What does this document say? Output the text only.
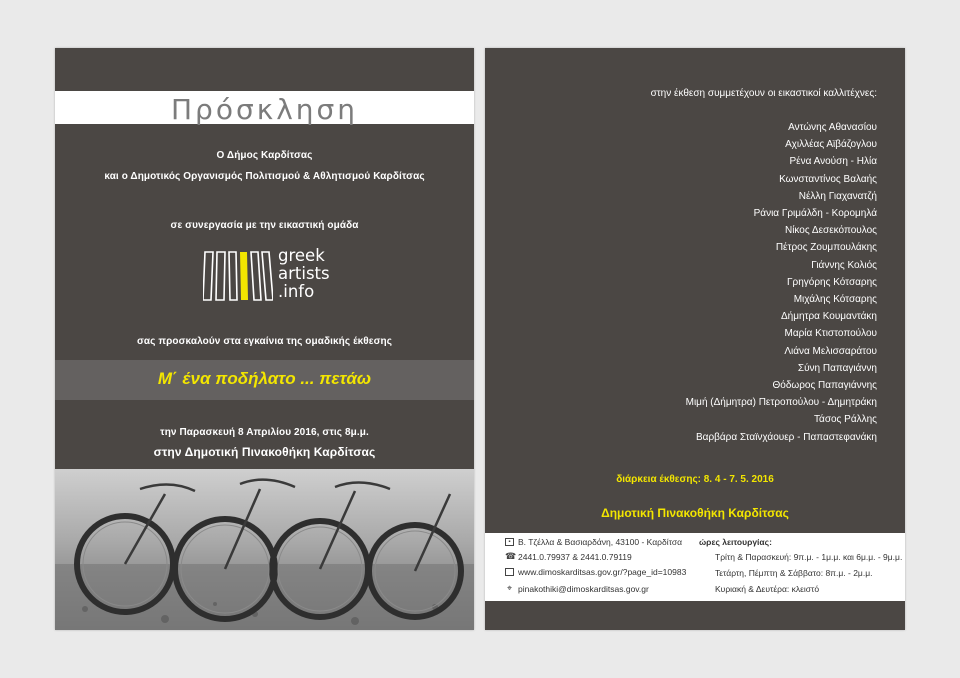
Πρόσκληση
Ο Δήμος Καρδίτσας
και ο Δημοτικός Οργανισμός Πολιτισμού & Αθλητισμού Καρδίτσας
σε συνεργασία με την εικαστική ομάδα
greek
artists
.info
σας προσκαλούν στα εγκαίνια της ομαδικής έκθεσης
Μ΄ ένα ποδήλατο ... πετάω
την Παρασκευή 8 Απριλίου 2016, στις 8μ.μ.
στην Δημοτική Πινακοθήκη Καρδίτσας
στην έκθεση συμμετέχουν οι εικαστικοί καλλιτέχνες:
Αντώνης Αθανασίου
Αχιλλέας Αϊβάζογλου
Ρένα Ανούση - Ηλία
Κωνσταντίνος Βαλαής
Νέλλη Γιαχανατζή
Ράνια Γριμάλδη - Κορομηλά
Νίκος Δεσεκόπουλος
Πέτρος Ζουμπουλάκης
Γιάννης Κολιός
Γρηγόρης Κότσαρης
Μιχάλης Κότσαρης
Δήμητρα Κουμαντάκη
Μαρία Κτιστοπούλου
Λιάνα Μελισσαράτου
Σύνη Παπαγιάννη
Θόδωρος Παπαγιάννης
Μιμή (Δήμητρα) Πετροπούλου - Δημητράκη
Τάσος Ράλλης
Βαρβάρα Σταϊνχάουερ - Παπαστεφανάκη
διάρκεια έκθεσης: 8. 4 - 7. 5. 2016
Δημοτική Πινακοθήκη Καρδίτσας
▪ Β. Τζέλλα & Βασιαρδάνη, 43100 - Καρδίτσα
☎ 2441.0.79937 & 2441.0.79119
www.dimoskarditsas.gov.gr/?page_id=10983
⌖ pinakothiki@dimoskarditsas.gov.gr
ώρες λειτουργίας:
Τρίτη & Παρασκευή: 9π.μ. - 1μ.μ. και 6μ.μ. - 9μ.μ.
Τετάρτη, Πέμπτη & Σάββατο: 8π.μ. - 2μ.μ.
Κυριακή & Δευτέρα: κλειστό
